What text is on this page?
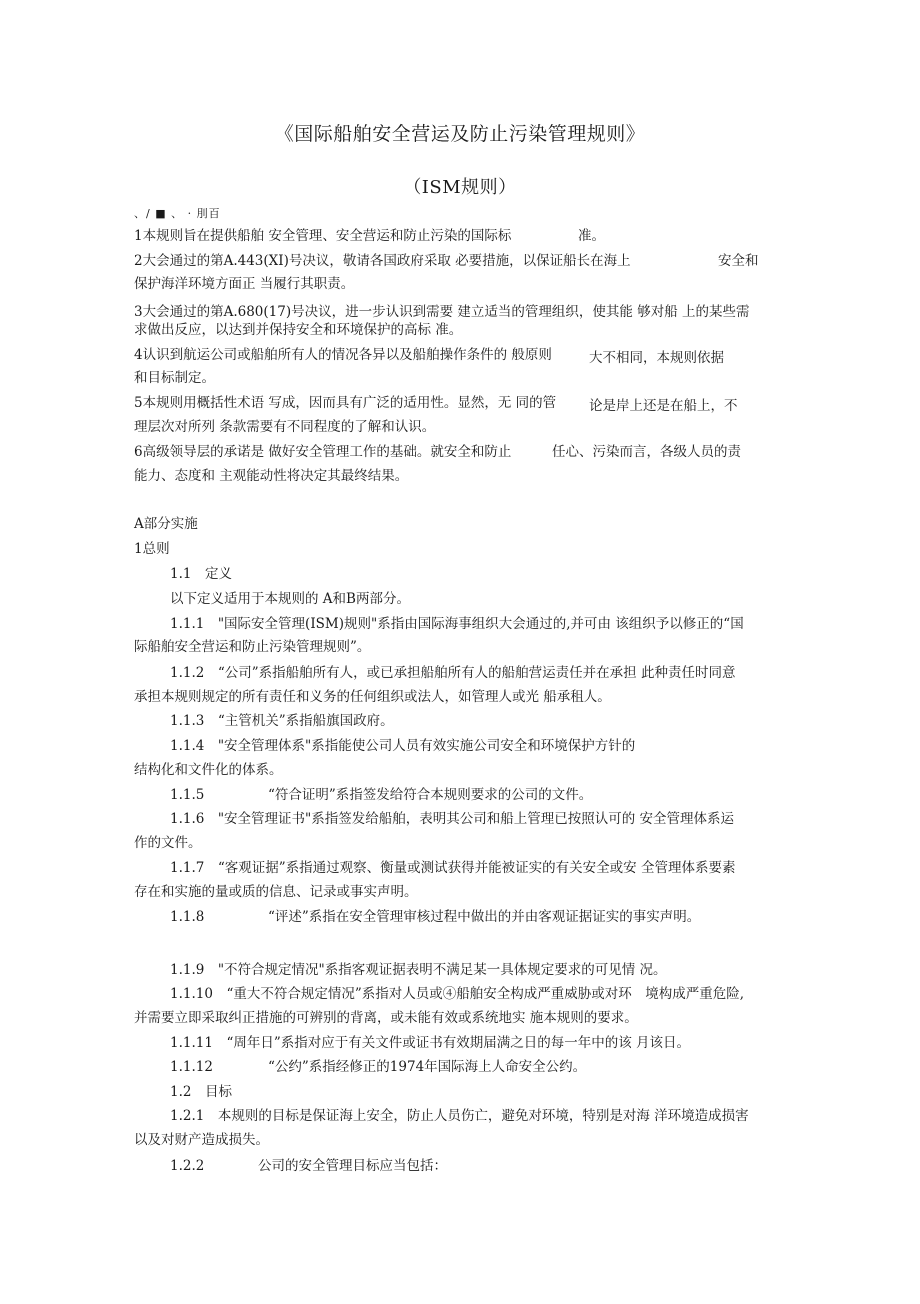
《国际船舶安全营运及防止污染管理规则》
（ISM规则）
、/ ■ 、 · 刖百
1本规则旨在提供船舶 安全管理、安全营运和防止污染的国际标	准。
2大会通过的第A.443(XI)号决议，敬请各国政府采取 必要措施，以保证船长在海上	安全和
保护海洋环境方面正 当履行其职责。
3大会通过的第A.680(17)号决议，进一步认识到需要 建立适当的管理组织，使其能 够对船 上的某些需
求做出反应，以达到并保持安全和环境保护的高标 准。
4认识到航运公司或船舶所有人的情况各异以及船舶操作条件的 般原则	大不相同，本规则依据
和目标制定。
5本规则用概括性术语 写成，因而具有广泛的适用性。显然，无 同的管 论是岸上还是在船上，不
理层次对所列 条款需要有不同程度的了解和认识。
6高级领导层的承诺是 做好安全管理工作的基础。就安全和防止	任心、污染而言，各级人员的责
能力、态度和 主观能动性将决定其最终结果。
A部分实施
1总则
1.1　定义
以下定义适用于本规则的 A和B两部分。
1.1.1　"国际安全管理(ISM)规则"系指由国际海事组织大会通过的,并可由 该组织予以修正的“国
际船舶安全营运和防止污染管理规则”。
1.1.2　“公司”系指船舶所有人，或已承担船舶所有人的船舶营运责任并在承担 此种责任时同意
承担本规则规定的所有责任和义务的任何组织或法人，如管理人或光 船承租人。
1.1.3　“主管机关”系指船旗国政府。
1.1.4　"安全管理体系"系指能使公司人员有效实施公司安全和环境保护方针的
结构化和文件化的体系。
1.1.5	“符合证明”系指签发给符合本规则要求的公司的文件。
1.1.6　"安全管理证书"系指签发给船舶，表明其公司和船上管理已按照认可的 安全管理体系运
作的文件。
1.1.7　“客观证据”系指通过观察、衡量或测试获得并能被证实的有关安全或安 全管理体系要素
存在和实施的量或质的信息、记录或事实声明。
1.1.8	“评述”系指在安全管理审核过程中做出的并由客观证据证实的事实声明。
1.1.9　"不符合规定情况"系指客观证据表明不满足某一具体规定要求的可见情 况。
1.1.10　“重大不符合规定情况”系指对人员或④船舶安全构成严重威胁或对环　境构成严重危险,
并需要立即采取纠正措施的可辨别的背离，或未能有效或系统地实 施本规则的要求。
1.1.11　“周年日”系指对应于有关文件或证书有效期届满之日的每一年中的该 月该日。
1.1.12	“公约”系指经修正的1974年国际海上人命安全公约。
1.2　目标
1.2.1　本规则的目标是保证海上安全，防止人员伤亡，避免对环境，特别是对海 洋环境造成损害
以及对财产造成损失。
1.2.2	公司的安全管理目标应当包括：
